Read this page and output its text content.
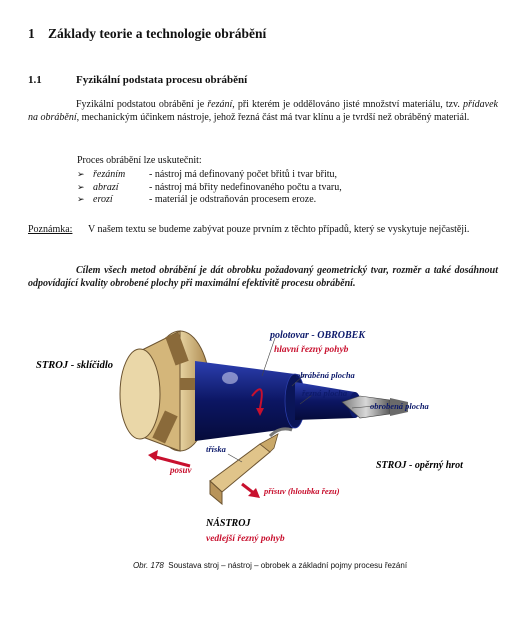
1 Základy teorie a technologie obrábění
1.1	Fyzikální podstata procesu obrábění
Fyzikální podstatou obrábění je řezání, při kterém je oddělováno jisté množství materiálu, tzv. přídavek na obrábění, mechanickým účinkem nástroje, jehož řezná část má tvar klínu a je tvrdší než obráběný materiál.
Proces obrábění lze uskutečnit:
➢ řezáním	- nástroj má definovaný počet břitů i tvar břitu,
➢ abrazí	- nástroj má břity nedefinovaného počtu a tvaru,
➢ erozí	- materiál je odstraňován procesem eroze.
Poznámka:	V našem textu se budeme zabývat pouze prvním z těchto případů, který se vyskytuje nejčastěji.
Cílem všech metod obrábění je dát obrobku požadovaný geometrický tvar, rozměr a také dosáhnout odpovídající kvality obrobené plochy při maximální efektivitě procesu obrábění.
STROJ - sklíčidlo
polotovar - OBROBEK
hlavní řezný pohyb
obráběná plocha
řezná plocha
obrobená plocha
tříska
STROJ - opěrný hrot
posuv
přísuv (hloubka řezu)
NÁSTROJ
vedlejší řezný pohyb
Obr. 178 Soustava stroj – nástroj – obrobek a základní pojmy procesu řezání
